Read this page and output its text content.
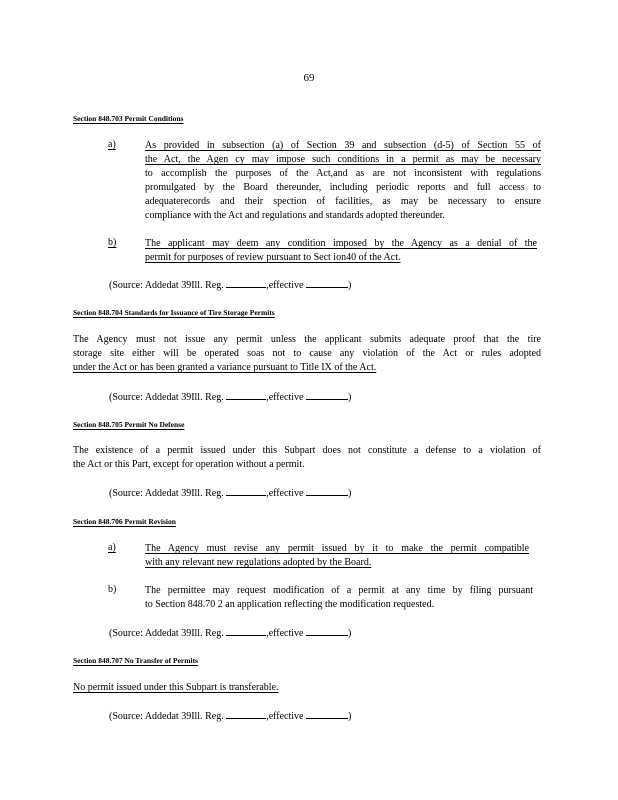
69
Section 848.703 Permit Conditions
a)	As provided in subsection (a) of Section 39 and subsection (d-5) of Section 55 of
the Act, the Agen cy may impose such conditions in a permit as may be necessary
to accomplish the purposes of the Act,and as are not inconsistent with regulations
promulgated by the Board thereunder, including periodic reports and full access to
adequaterecords and their spection of facilities, as may be necessary to ensure
compliance with the Act and regulations and standards adopted thereunder.
b)	The applicant may deem any condition imposed by the Agency as a denial of the
permit for purposes of review pursuant to Sect ion40 of the Act.
(Source: Addedat 39Ill. Reg.	,effective	)
Section 848.704 Standards for Issuance of Tire Storage Permits
The Agency must not issue any permit unless the applicant submits adequate proof that the tire
storage site either will be operated soas not to cause any violation of the Act or rules adopted
under the Act or has been granted a variance pursuant to Title IX of the Act.
(Source: Addedat 39Ill. Reg.	,effective	)
Section 848.705 Permit No Defense
The existence of a permit issued under this Subpart does not constitute a defense to a violation of
the Act or this Part, except for operation without a permit.
(Source: Addedat 39Ill. Reg.	,effective	)
Section 848.706 Permit Revision
a)	The Agency must revise any permit issued by it to make the permit compatible
with any relevant new regulations adopted by the Board.
b)	The permittee may request modification of a permit at any time by filing pursuant
to Section 848.70 2 an application reflecting the modification requested.
(Source: Addedat 39Ill. Reg.	,effective	)
Section 848.707 No Transfer of Permits
No permit issued under this Subpart is transferable.
(Source: Addedat 39Ill. Reg.	,effective	)
